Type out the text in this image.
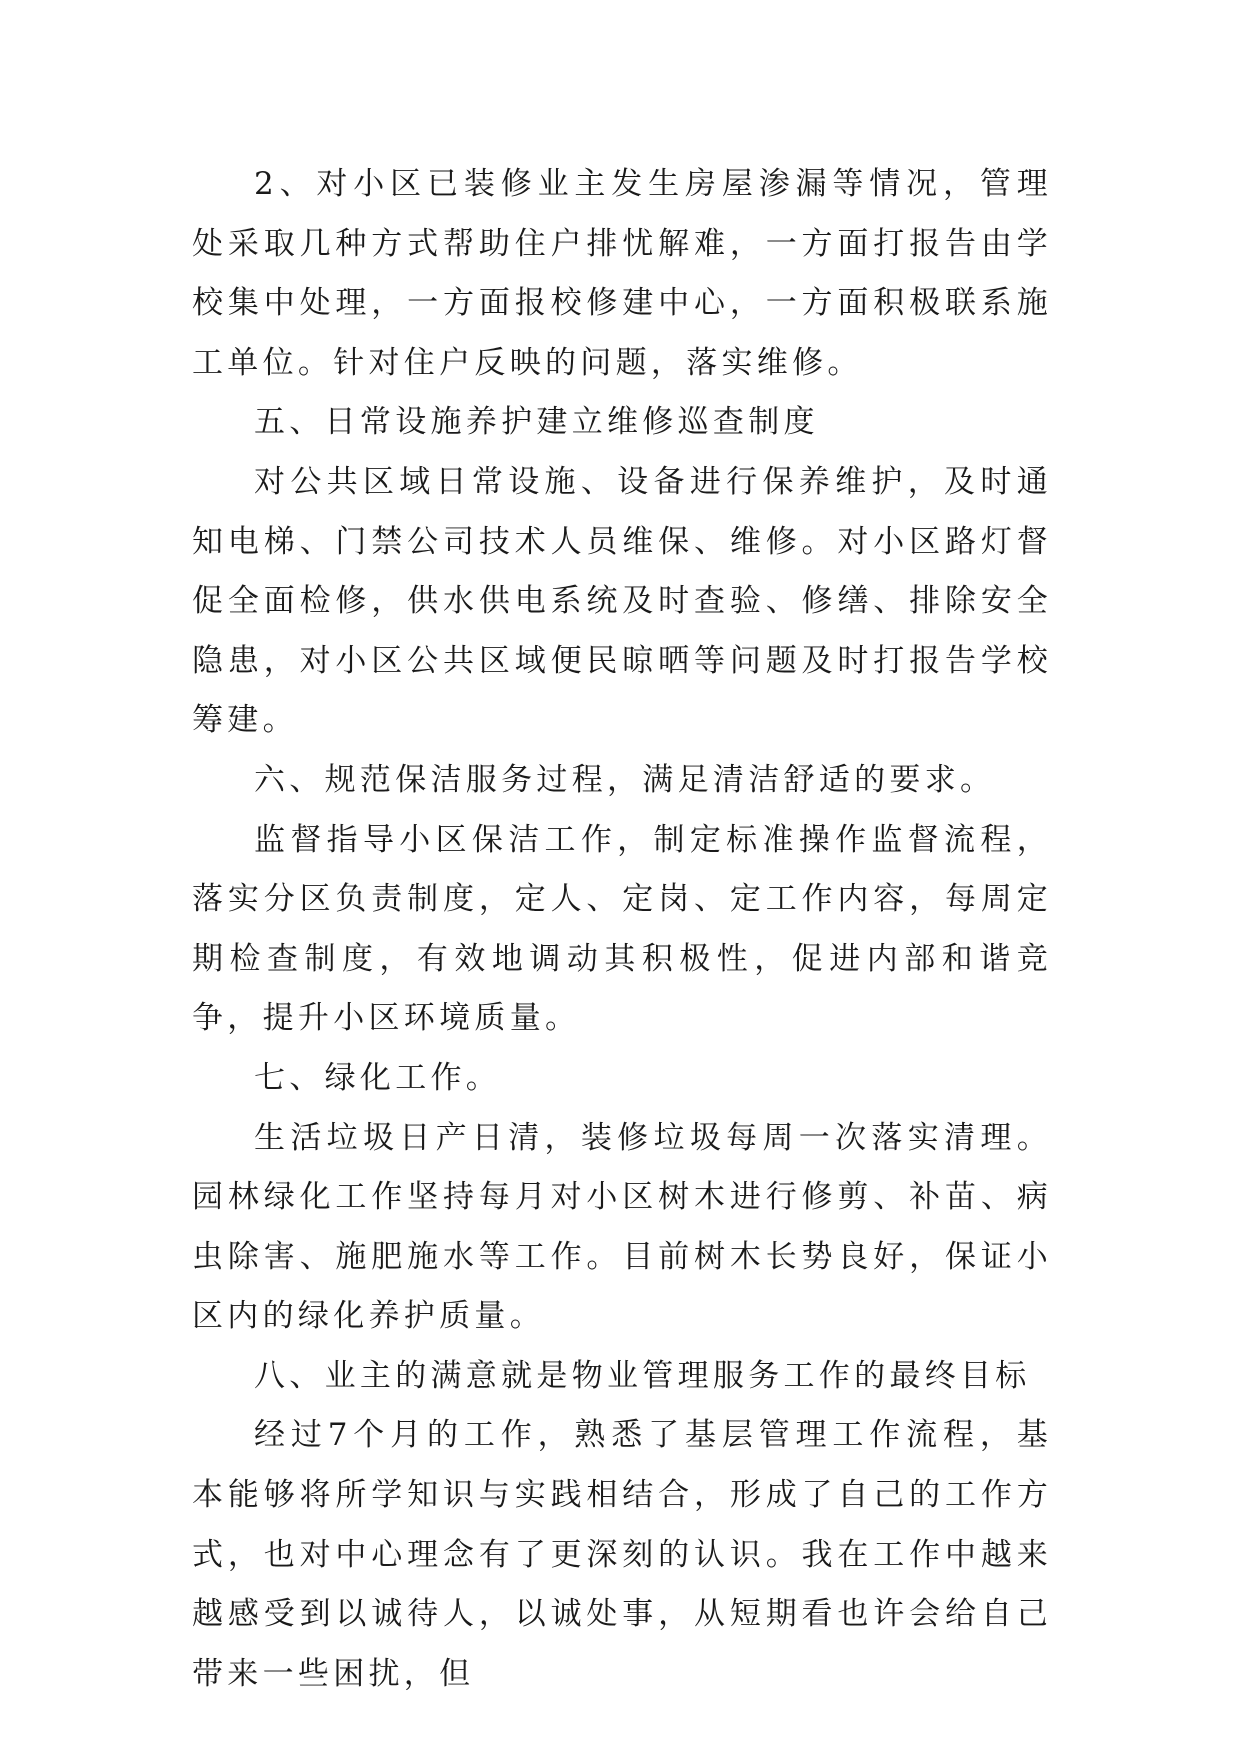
2、对小区已装修业主发生房屋渗漏等情况，管理处采取几种方式帮助住户排忧解难，一方面打报告由学校集中处理，一方面报校修建中心，一方面积极联系施工单位。针对住户反映的问题，落实维修。

五、日常设施养护建立维修巡查制度

对公共区域日常设施、设备进行保养维护，及时通知电梯、门禁公司技术人员维保、维修。对小区路灯督促全面检修，供水供电系统及时查验、修缮、排除安全隐患，对小区公共区域便民晾晒等问题及时打报告学校筹建。

六、规范保洁服务过程，满足清洁舒适的要求。

监督指导小区保洁工作，制定标准操作监督流程，落实分区负责制度，定人、定岗、定工作内容，每周定期检查制度，有效地调动其积极性，促进内部和谐竞争，提升小区环境质量。

七、绿化工作。

生活垃圾日产日清，装修垃圾每周一次落实清理。园林绿化工作坚持每月对小区树木进行修剪、补苗、病虫除害、施肥施水等工作。目前树木长势良好，保证小区内的绿化养护质量。

八、业主的满意就是物业管理服务工作的最终目标

经过7个月的工作，熟悉了基层管理工作流程，基本能够将所学知识与实践相结合，形成了自己的工作方式，也对中心理念有了更深刻的认识。我在工作中越来越感受到以诚待人，以诚处事，从短期看也许会给自己带来一些困扰，但
